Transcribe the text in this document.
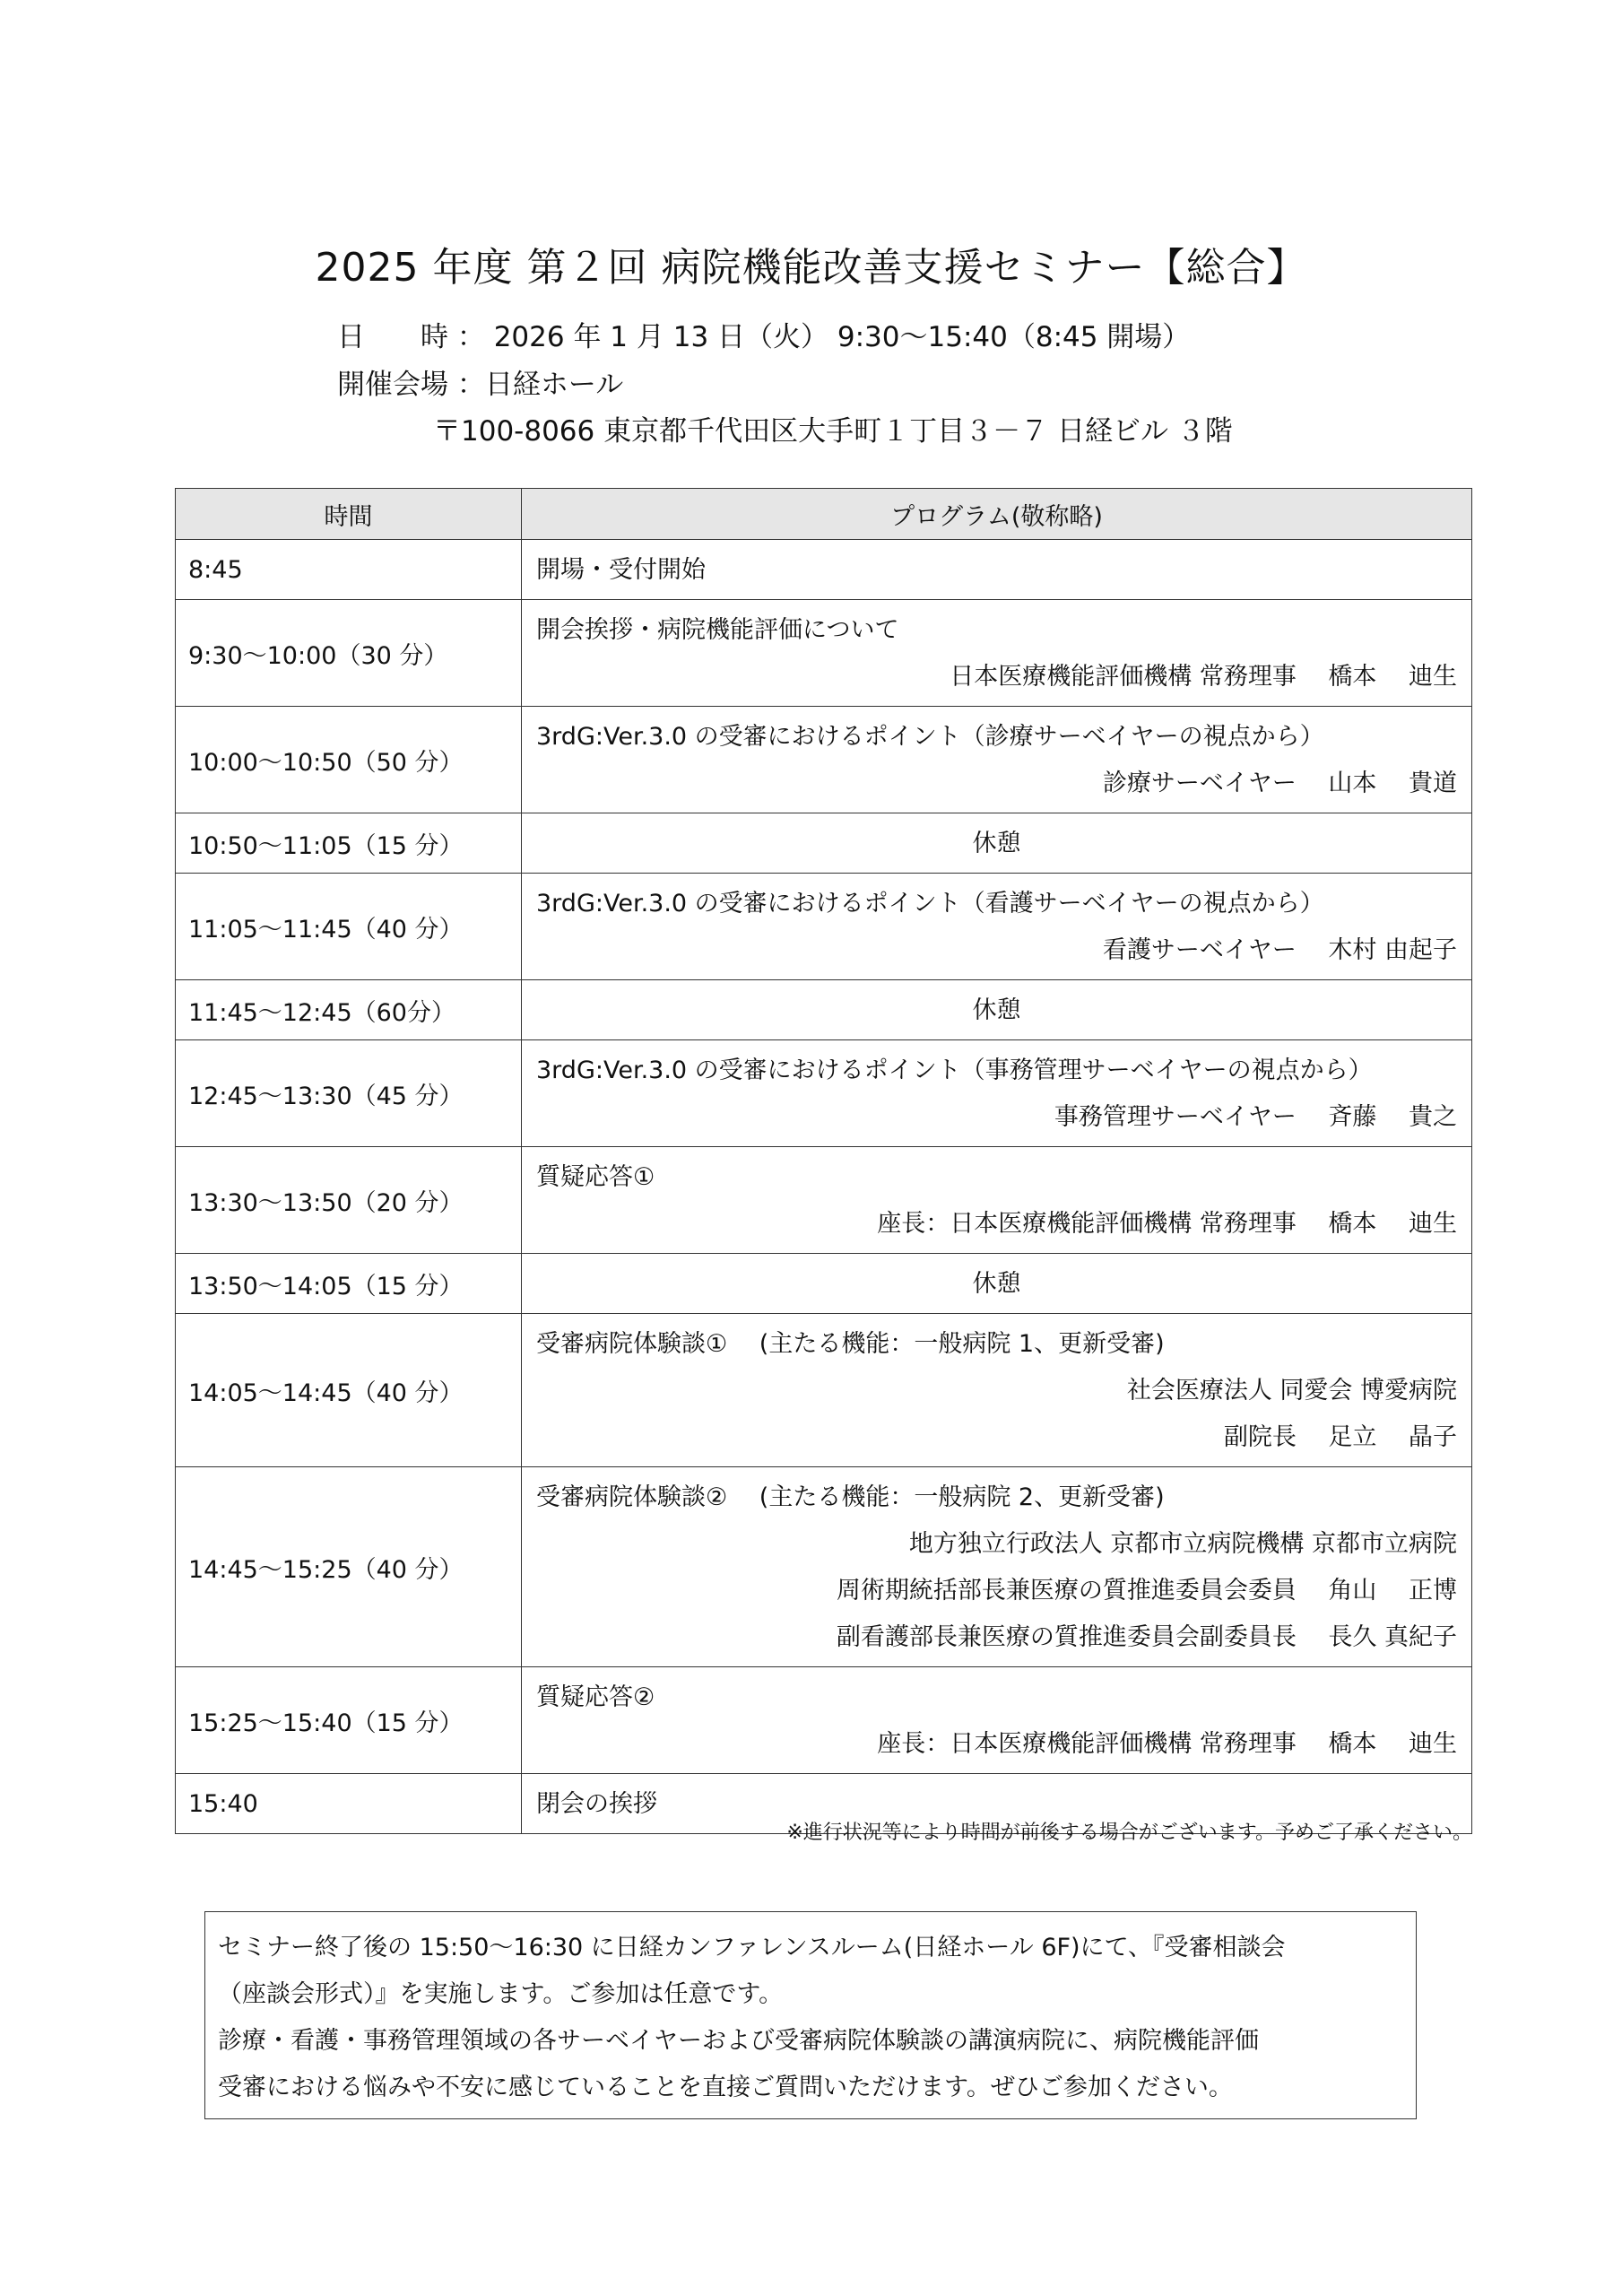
2025 年度 第２回 病院機能改善支援セミナー【総合】
日　　時 ： 2026 年 1 月 13 日（火） 9:30～15:40（8:45 開場）
開催会場 ：日経ホール
〒100-8066 東京都千代田区大手町１丁目３－７ 日経ビル ３階
時間	プログラム(敬称略)
8:45	開場・受付開始

9:30～10:00（30 分）	開会挨拶・病院機能評価について
日本医療機能評価機構 常務理事　 橋本　 迪生

10:00～10:50（50 分）	3rdG:Ver.3.0 の受審におけるポイント（診療サーベイヤーの視点から）
診療サーベイヤー　 山本　 貴道

10:50～11:05（15 分）	休憩

11:05～11:45（40 分）	3rdG:Ver.3.0 の受審におけるポイント（看護サーベイヤーの視点から）
看護サーベイヤー　 木村 由起子

11:45～12:45（60分）	休憩

12:45～13:30（45 分）	3rdG:Ver.3.0 の受審におけるポイント（事務管理サーベイヤーの視点から）
事務管理サーベイヤー　 斉藤　 貴之

13:30～13:50（20 分）	質疑応答①
座長：日本医療機能評価機構 常務理事　 橋本　 迪生

13:50～14:05（15 分）	休憩

14:05～14:45（40 分）	受審病院体験談①　 (主たる機能：一般病院 1、更新受審)
社会医療法人 同愛会 博愛病院
副院長　 足立　 晶子

14:45～15:25（40 分）	受審病院体験談②　 (主たる機能：一般病院 2、更新受審)
地方独立行政法人 京都市立病院機構 京都市立病院
周術期統括部長兼医療の質推進委員会委員　 角山　 正博
副看護部長兼医療の質推進委員会副委員長　 長久 真紀子

15:25～15:40（15 分）	質疑応答②
座長：日本医療機能評価機構 常務理事　 橋本　 迪生

15:40	閉会の挨拶
※進行状況等により時間が前後する場合がございます。予めご了承ください。
セミナー終了後の 15:50～16:30 に日経カンファレンスルーム(日経ホール 6F)にて、『受審相談会
（座談会形式）』を実施します。ご参加は任意です。
診療・看護・事務管理領域の各サーベイヤーおよび受審病院体験談の講演病院に、病院機能評価
受審における悩みや不安に感じていることを直接ご質問いただけます。ぜひご参加ください。
